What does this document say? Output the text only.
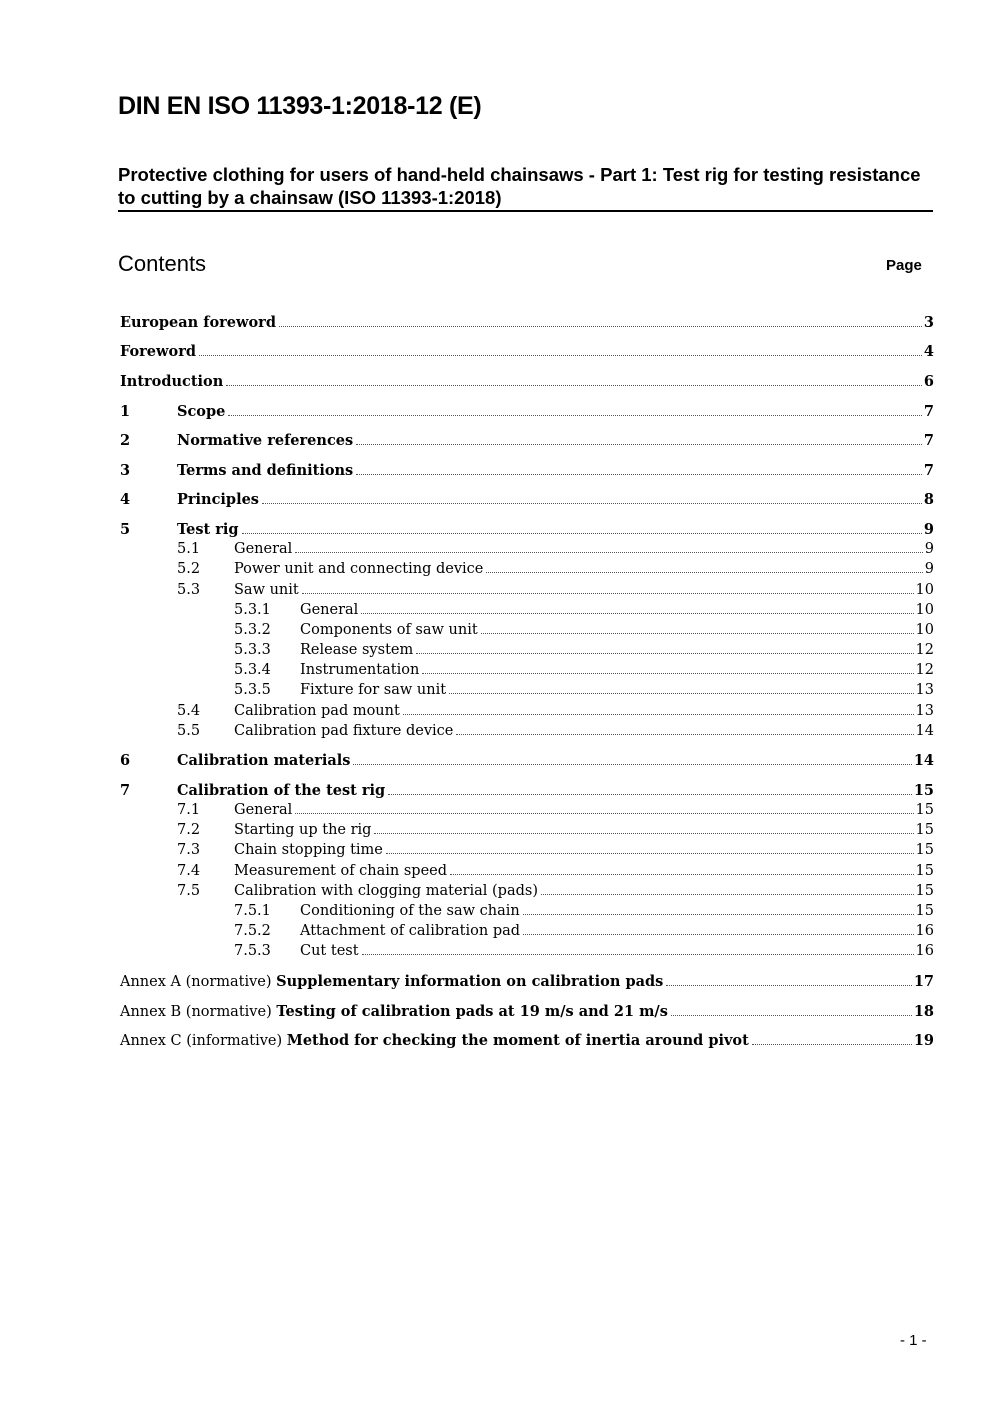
DIN EN ISO 11393-1:2018-12 (E)
Protective clothing for users of hand-held chainsaws - Part 1: Test rig for testing resistance to cutting by a chainsaw (ISO 11393-1:2018)
Contents	Page
European foreword	3
Foreword	4
Introduction	6
1	Scope	7
2	Normative references	7
3	Terms and definitions	7
4	Principles	8
5	Test rig	9
5.1	General	9
5.2	Power unit and connecting device	9
5.3	Saw unit	10
5.3.1	General	10
5.3.2	Components of saw unit	10
5.3.3	Release system	12
5.3.4	Instrumentation	12
5.3.5	Fixture for saw unit	13
5.4	Calibration pad mount	13
5.5	Calibration pad fixture device	14
6	Calibration materials	14
7	Calibration of the test rig	15
7.1	General	15
7.2	Starting up the rig	15
7.3	Chain stopping time	15
7.4	Measurement of chain speed	15
7.5	Calibration with clogging material (pads)	15
7.5.1	Conditioning of the saw chain	15
7.5.2	Attachment of calibration pad	16
7.5.3	Cut test	16
Annex A (normative) Supplementary information on calibration pads	17
Annex B (normative) Testing of calibration pads at 19 m/s and 21 m/s	18
Annex C (informative) Method for checking the moment of inertia around pivot	19
- 1 -
